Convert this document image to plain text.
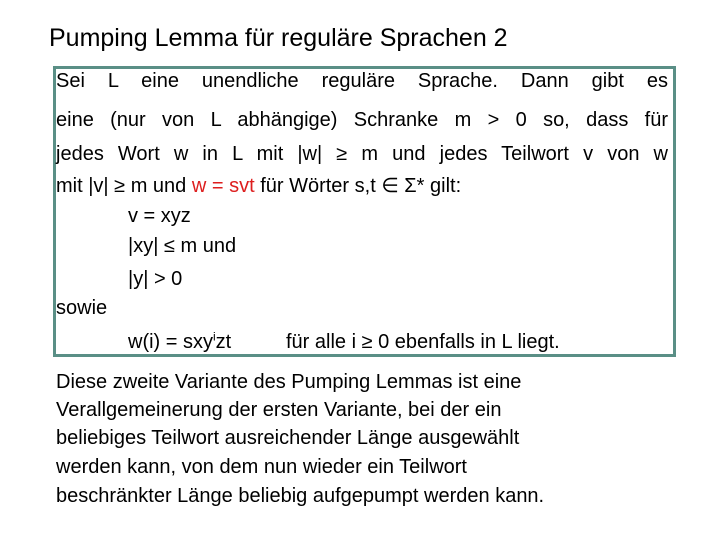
Pumping Lemma für reguläre Sprachen 2
Sei L eine unendliche reguläre Sprache. Dann gibt es
eine (nur von L abhängige) Schranke m > 0 so, dass für
jedes Wort w in L mit |w| ≥ m und jedes Teilwort v von w
mit |v| ≥ m und w = svt für Wörter s,t ∈ Σ* gilt:
v = xyz
|xy| ≤ m und
|y| > 0
sowie
w(i) = sxy$^i$zt	für alle i ≥ 0 ebenfalls in L liegt.
Diese zweite Variante des Pumping Lemmas ist eine
Verallgemeinerung der ersten Variante, bei der ein
beliebiges Teilwort ausreichender Länge ausgewählt
werden kann, von dem nun wieder ein Teilwort
beschränkter Länge beliebig aufgepumpt werden kann.
